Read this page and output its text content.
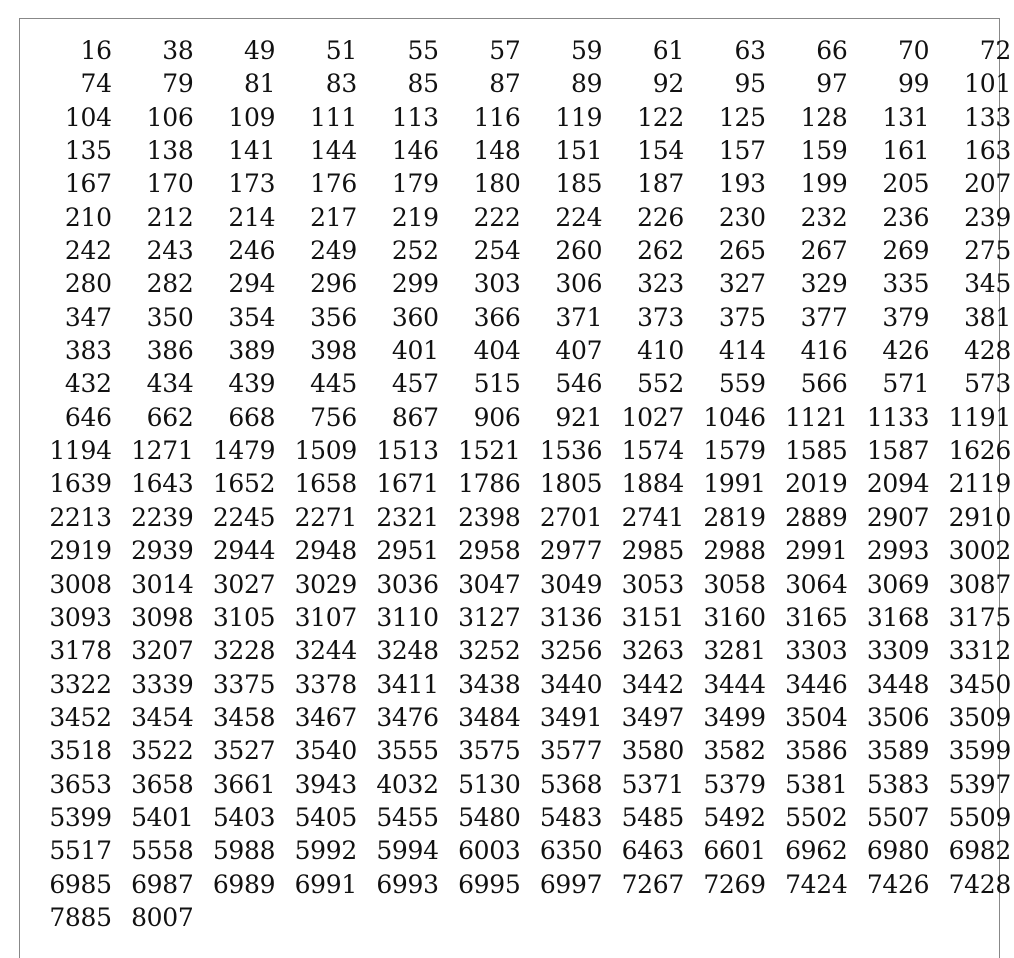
16	38	49	51	55	57	59	61	63	66	70	72
74	79	81	83	85	87	89	92	95	97	99	101
104	106	109	111	113	116	119	122	125	128	131	133
135	138	141	144	146	148	151	154	157	159	161	163
167	170	173	176	179	180	185	187	193	199	205	207
210	212	214	217	219	222	224	226	230	232	236	239
242	243	246	249	252	254	260	262	265	267	269	275
280	282	294	296	299	303	306	323	327	329	335	345
347	350	354	356	360	366	371	373	375	377	379	381
383	386	389	398	401	404	407	410	414	416	426	428
432	434	439	445	457	515	546	552	559	566	571	573
646	662	668	756	867	906	921 1027 1046 1121 1133 1191
1194 1271 1479 1509 1513 1521 1536 1574 1579 1585 1587 1626
1639 1643 1652 1658 1671 1786 1805 1884 1991 2019 2094 2119
2213 2239 2245 2271 2321 2398 2701 2741 2819 2889 2907 2910
2919 2939 2944 2948 2951 2958 2977 2985 2988 2991 2993 3002
3008 3014 3027 3029 3036 3047 3049 3053 3058 3064 3069 3087
3093 3098 3105 3107 3110 3127 3136 3151 3160 3165 3168 3175
3178 3207 3228 3244 3248 3252 3256 3263 3281 3303 3309 3312
3322 3339 3375 3378 3411 3438 3440 3442 3444 3446 3448 3450
3452 3454 3458 3467 3476 3484 3491 3497 3499 3504 3506 3509
3518 3522 3527 3540 3555 3575 3577 3580 3582 3586 3589 3599
3653 3658 3661 3943 4032 5130 5368 5371 5379 5381 5383 5397
5399 5401 5403 5405 5455 5480 5483 5485 5492 5502 5507 5509
5517 5558 5988 5992 5994 6003 6350 6463 6601 6962 6980 6982
6985 6987 6989 6991 6993 6995 6997 7267 7269 7424 7426 7428
7885 8007
